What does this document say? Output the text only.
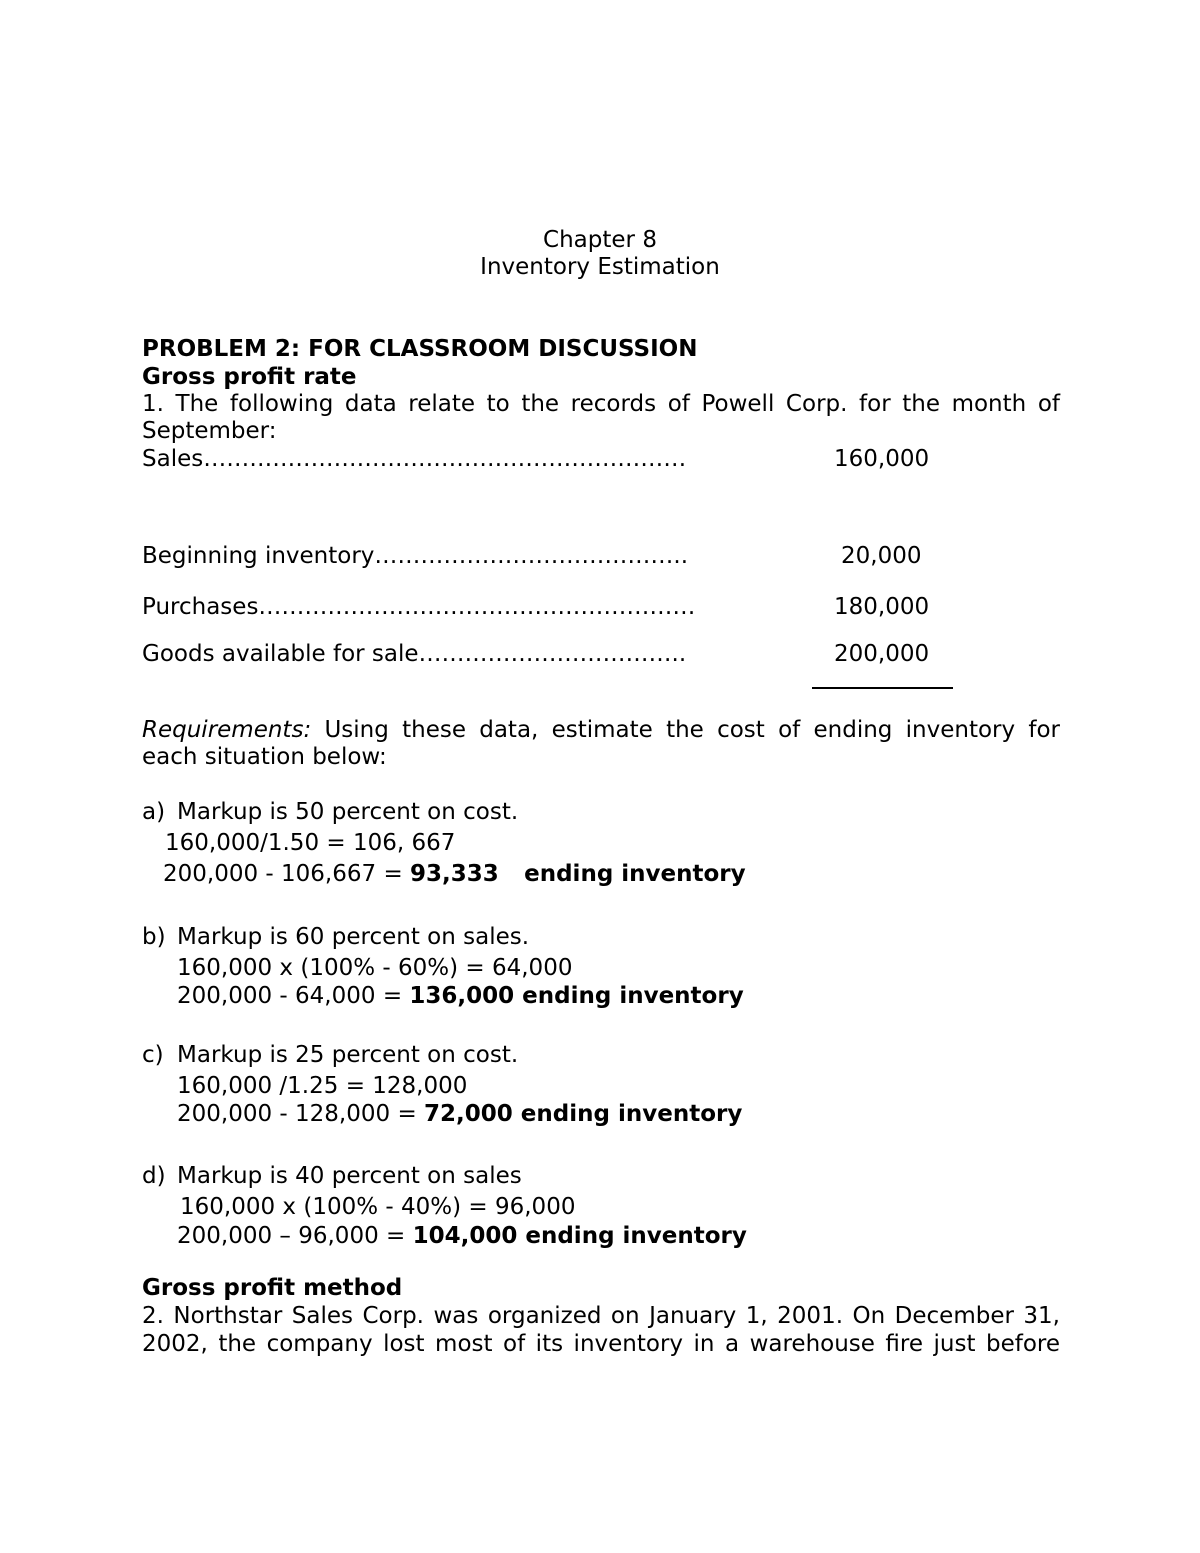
Chapter 8
Inventory Estimation
PROBLEM 2: FOR CLASSROOM DISCUSSION
Gross profit rate
1. The following data relate to the records of Powell Corp. for the month of
September:
Sales………………………………………………………	160,000
Beginning inventory…………………………………..	20,000
Purchases…………………………………………………	180,000
Goods available for sale……………………………..	200,000
Requirements: Using these data, estimate the cost of ending inventory for
each situation below:
a) Markup is 50 percent on cost.
160,000/1.50 = 106, 667
200,000 - 106,667 = 93,333 ending inventory
b) Markup is 60 percent on sales.
160,000 x (100% - 60%) = 64,000
200,000 - 64,000 = 136,000 ending inventory
c) Markup is 25 percent on cost.
160,000 /1.25 = 128,000
200,000 - 128,000 = 72,000 ending inventory
d) Markup is 40 percent on sales
160,000 x (100% - 40%) = 96,000
200,000 – 96,000 = 104,000 ending inventory
Gross profit method
2. Northstar Sales Corp. was organized on January 1, 2001. On December 31,
2002, the company lost most of its inventory in a warehouse fire just before
